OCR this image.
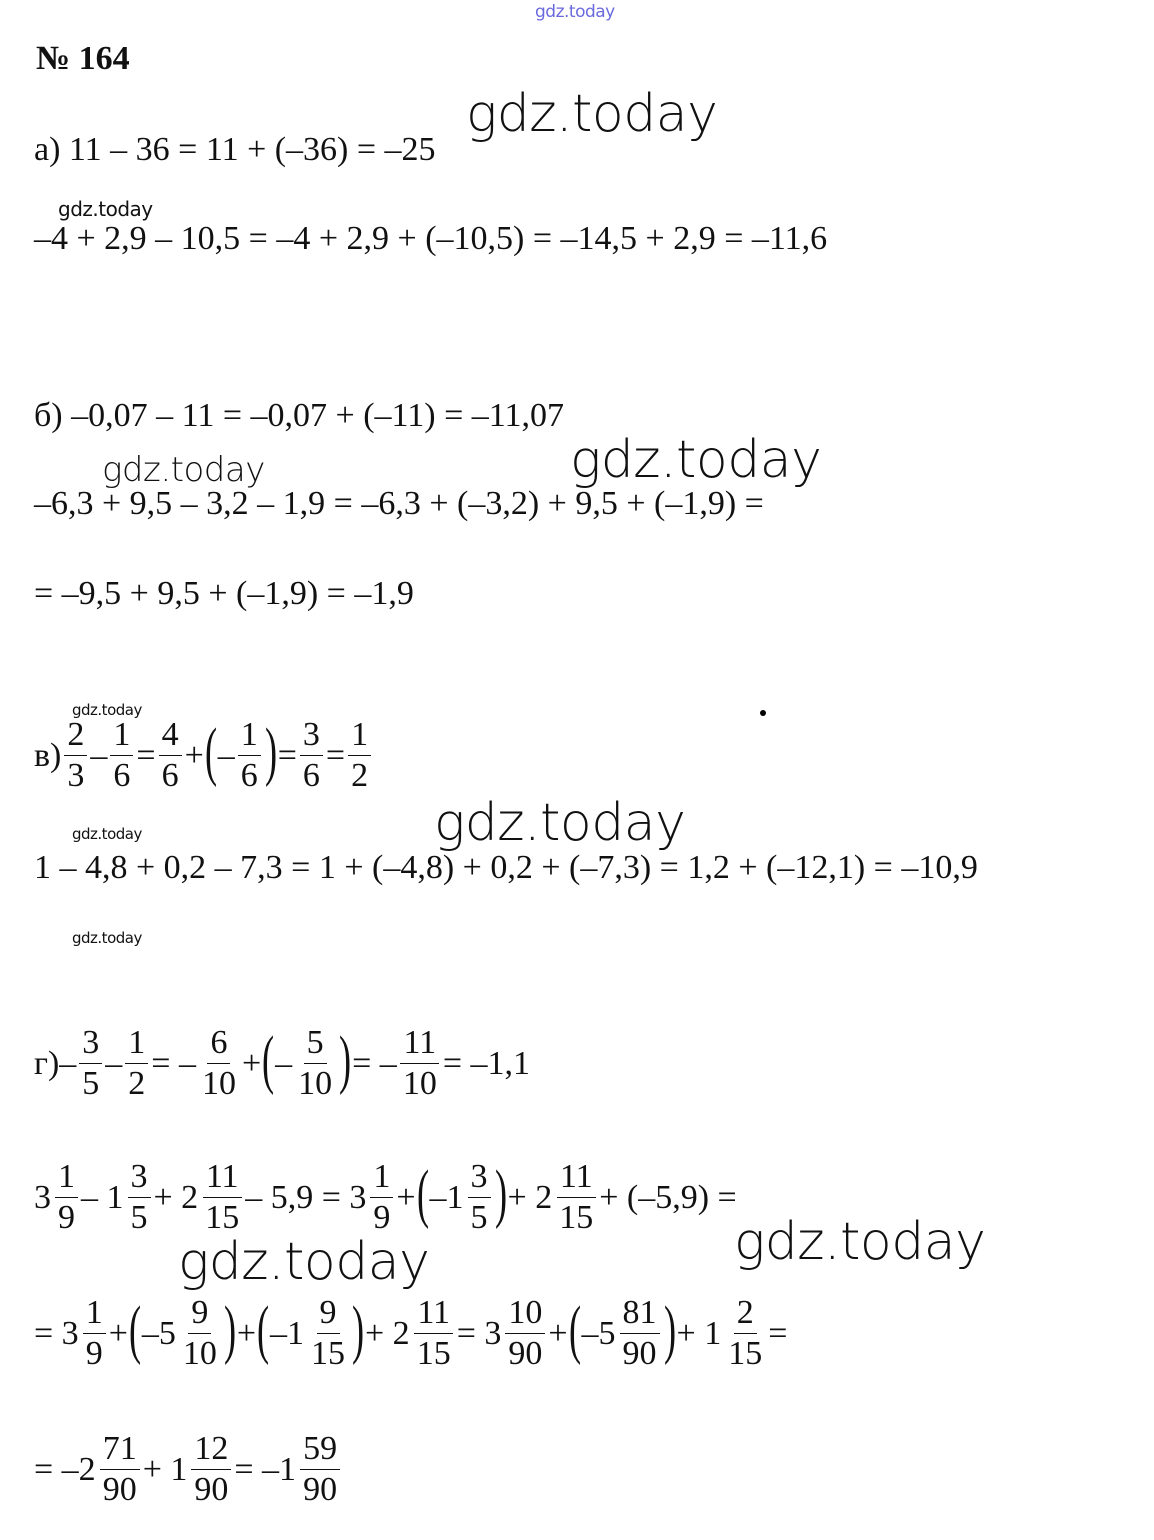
gdz.today
№ 164
gdz.today
gdz.today
gdz.today	gdz.today
gdz.today
gdz.today
gdz.today
gdz.today
gdz.today
gdz.today
а) 11 – 36 = 11 + (–36) = –25
–4 + 2,9 – 10,5 = –4 + 2,9 + (–10,5) = –14,5 + 2,9 = –11,6
б) –0,07 – 11 = –0,07 + (–11) = –11,07
–6,3 + 9,5 – 3,2 – 1,9 = –6,3 + (–3,2) + 9,5 + (–1,9) =
= –9,5 + 9,5 + (–1,9) = –1,9
$в) \frac{2}{3} - \frac{1}{6} = \frac{4}{6}$ + ( – $\frac{1}{6}$ ) = $\frac{3}{6} = \frac{1}{2}$
1 – 4,8 + 0,2 – 7,3 = 1 + (–4,8) + 0,2 + (–7,3) = 1,2 + (–12,1) = –10,9
$г) - \frac{3}{5} - \frac{1}{2}$ = – $\frac{6}{10}$ + ( – $\frac{5}{10}$ ) = – $\frac{11}{10} = -1,1$
$3 \frac{1}{9} - 1 \frac{3}{5} + 2 \frac{11}{15} - 5,9 = 3 \frac{1}{9}$ + ( $-1 \frac{3}{5}$ ) + $2 \frac{11}{15} + (-5,9)$ =
= $3 \frac{1}{9}$ + ( $-5 \frac{9}{10}$ ) + ( $-1 \frac{9}{15}$ ) + $2 \frac{11}{15} = 3 \frac{10}{90}$ + ( $-5 \frac{81}{90}$ ) + $1 \frac{2}{15}$ =
= $-2 \frac{71}{90} + 1 \frac{12}{90} = -1 \frac{59}{90}$
